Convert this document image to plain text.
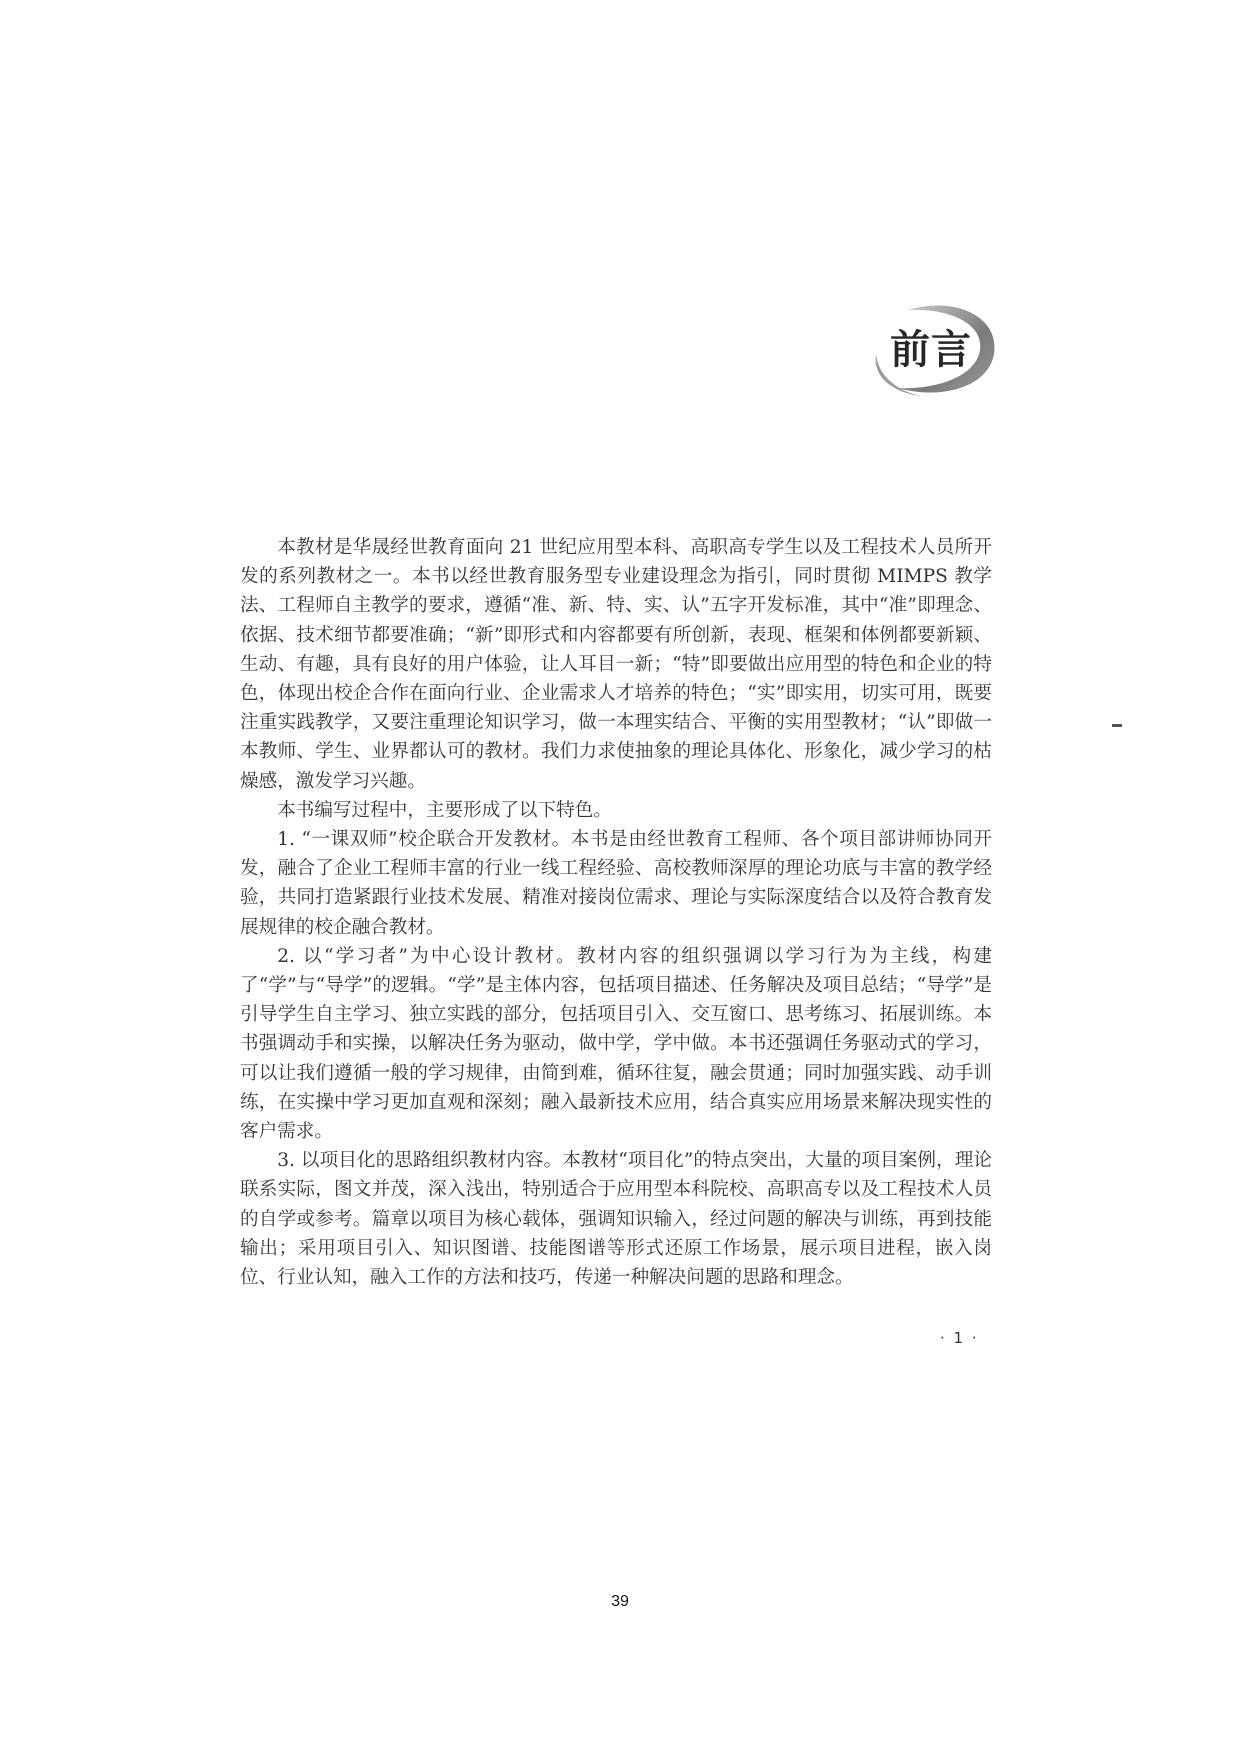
前言

本教材是华晟经世教育面向 21 世纪应用型本科、高职高专学生以及工程技术人员所开发的系列教材之一。本书以经世教育服务型专业建设理念为指引，同时贯彻 MIMPS 教学法、工程师自主教学的要求，遵循“准、新、特、实、认”五字开发标准，其中“准”即理念、依据、技术细节都要准确；“新”即形式和内容都要有所创新，表现、框架和体例都要新颖、生动、有趣，具有良好的用户体验，让人耳目一新；“特”即要做出应用型的特色和企业的特色，体现出校企合作在面向行业、企业需求人才培养的特色；“实”即实用，切实可用，既要注重实践教学，又要注重理论知识学习，做一本理实结合、平衡的实用型教材；“认”即做一本教师、学生、业界都认可的教材。我们力求使抽象的理论具体化、形象化，减少学习的枯燥感，激发学习兴趣。

本书编写过程中，主要形成了以下特色。

1. “一课双师”校企联合开发教材。本书是由经世教育工程师、各个项目部讲师协同开发，融合了企业工程师丰富的行业一线工程经验、高校教师深厚的理论功底与丰富的教学经验，共同打造紧跟行业技术发展、精准对接岗位需求、理论与实际深度结合以及符合教育发展规律的校企融合教材。

2. 以“学习者”为中心设计教材。教材内容的组织强调以学习行为为主线，构建了“学”与“导学”的逻辑。“学”是主体内容，包括项目描述、任务解决及项目总结；“导学”是引导学生自主学习、独立实践的部分，包括项目引入、交互窗口、思考练习、拓展训练。本书强调动手和实操，以解决任务为驱动，做中学，学中做。本书还强调任务驱动式的学习，可以让我们遵循一般的学习规律，由简到难，循环往复，融会贯通；同时加强实践、动手训练，在实操中学习更加直观和深刻；融入最新技术应用，结合真实应用场景来解决现实性的客户需求。

3. 以项目化的思路组织教材内容。本教材“项目化”的特点突出，大量的项目案例，理论联系实际，图文并茂，深入浅出，特别适合于应用型本科院校、高职高专以及工程技术人员的自学或参考。篇章以项目为核心载体，强调知识输入，经过问题的解决与训练，再到技能输出；采用项目引入、知识图谱、技能图谱等形式还原工作场景，展示项目进程，嵌入岗位、行业认知，融入工作的方法和技巧，传递一种解决问题的思路和理念。

· 1 ·
39
